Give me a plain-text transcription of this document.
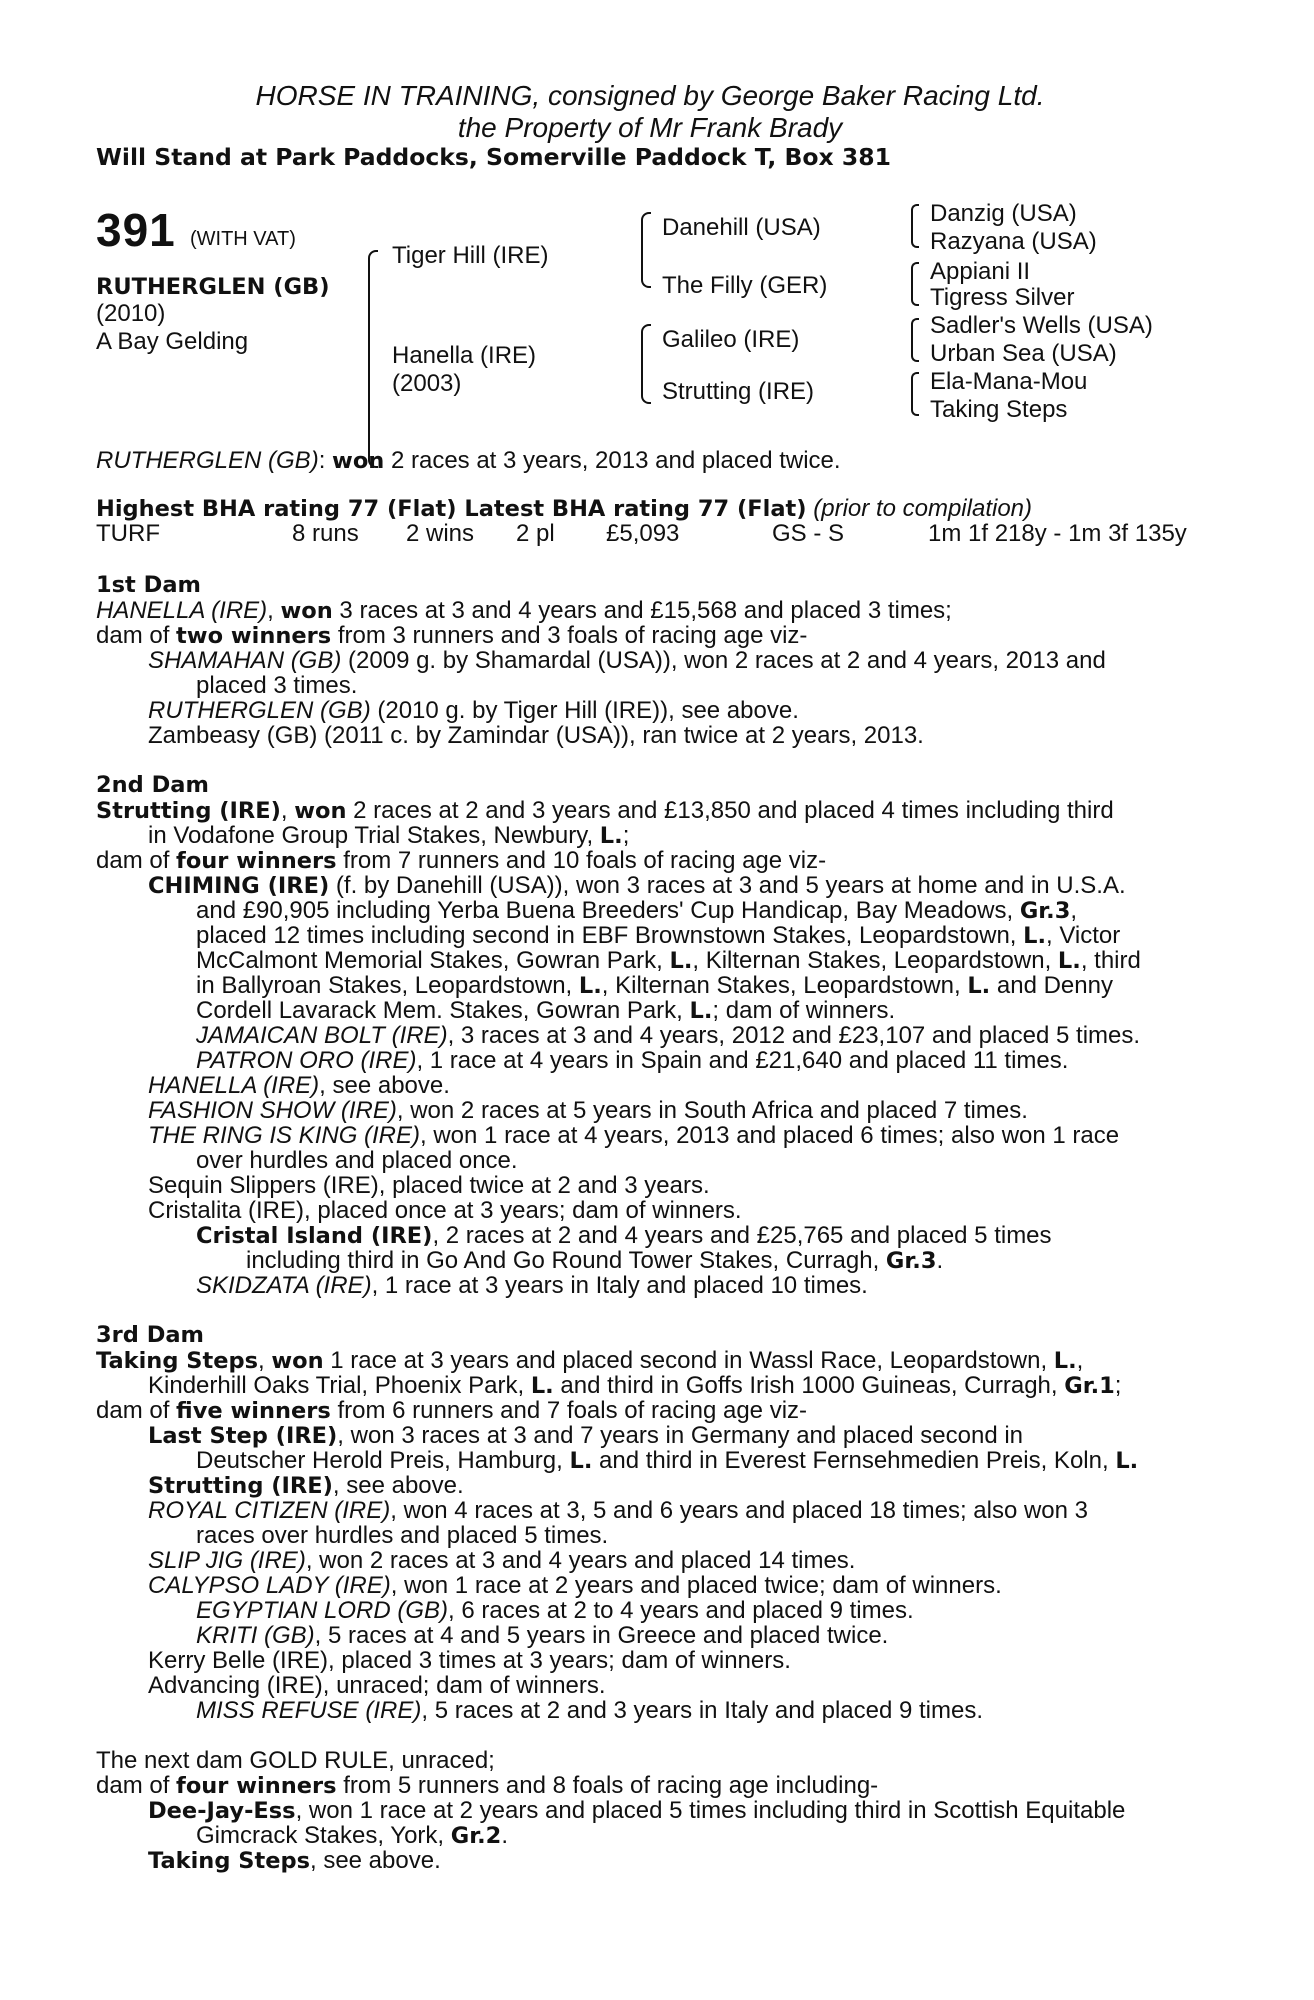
HORSE IN TRAINING, consigned by George Baker Racing Ltd.
the Property of Mr Frank Brady
Will Stand at Park Paddocks, Somerville Paddock T, Box 381
391 (WITH VAT)
RUTHERGLEN (GB)
(2010)
A Bay Gelding
Tiger Hill (IRE)
Hanella (IRE)
(2003)
Danehill (USA)
The Filly (GER)
Galileo (IRE)
Strutting (IRE)
Danzig (USA)
Razyana (USA)
Appiani II
Tigress Silver
Sadler's Wells (USA)
Urban Sea (USA)
Ela-Mana-Mou
Taking Steps
RUTHERGLEN (GB): won 2 races at 3 years, 2013 and placed twice.
Highest BHA rating 77 (Flat) Latest BHA rating 77 (Flat) (prior to compilation)
TURF	8 runs 2 wins 2 pl £5,093	GS - S	1m 1f 218y - 1m 3f 135y
1st Dam
HANELLA (IRE), won 3 races at 3 and 4 years and £15,568 and placed 3 times;
dam of two winners from 3 runners and 3 foals of racing age viz-
SHAMAHAN (GB) (2009 g. by Shamardal (USA)), won 2 races at 2 and 4 years, 2013 and
placed 3 times.
RUTHERGLEN (GB) (2010 g. by Tiger Hill (IRE)), see above.
Zambeasy (GB) (2011 c. by Zamindar (USA)), ran twice at 2 years, 2013.
2nd Dam
Strutting (IRE), won 2 races at 2 and 3 years and £13,850 and placed 4 times including third
in Vodafone Group Trial Stakes, Newbury, L.;
dam of four winners from 7 runners and 10 foals of racing age viz-
CHIMING (IRE) (f. by Danehill (USA)), won 3 races at 3 and 5 years at home and in U.S.A.
and £90,905 including Yerba Buena Breeders' Cup Handicap, Bay Meadows, Gr.3,
placed 12 times including second in EBF Brownstown Stakes, Leopardstown, L., Victor
McCalmont Memorial Stakes, Gowran Park, L., Kilternan Stakes, Leopardstown, L., third
in Ballyroan Stakes, Leopardstown, L., Kilternan Stakes, Leopardstown, L. and Denny
Cordell Lavarack Mem. Stakes, Gowran Park, L.; dam of winners.
JAMAICAN BOLT (IRE), 3 races at 3 and 4 years, 2012 and £23,107 and placed 5 times.
PATRON ORO (IRE), 1 race at 4 years in Spain and £21,640 and placed 11 times.
HANELLA (IRE), see above.
FASHION SHOW (IRE), won 2 races at 5 years in South Africa and placed 7 times.
THE RING IS KING (IRE), won 1 race at 4 years, 2013 and placed 6 times; also won 1 race
over hurdles and placed once.
Sequin Slippers (IRE), placed twice at 2 and 3 years.
Cristalita (IRE), placed once at 3 years; dam of winners.
Cristal Island (IRE), 2 races at 2 and 4 years and £25,765 and placed 5 times
including third in Go And Go Round Tower Stakes, Curragh, Gr.3.
SKIDZATA (IRE), 1 race at 3 years in Italy and placed 10 times.
3rd Dam
Taking Steps, won 1 race at 3 years and placed second in Wassl Race, Leopardstown, L.,
Kinderhill Oaks Trial, Phoenix Park, L. and third in Goffs Irish 1000 Guineas, Curragh, Gr.1;
dam of five winners from 6 runners and 7 foals of racing age viz-
Last Step (IRE), won 3 races at 3 and 7 years in Germany and placed second in
Deutscher Herold Preis, Hamburg, L. and third in Everest Fernsehmedien Preis, Koln, L.
Strutting (IRE), see above.
ROYAL CITIZEN (IRE), won 4 races at 3, 5 and 6 years and placed 18 times; also won 3
races over hurdles and placed 5 times.
SLIP JIG (IRE), won 2 races at 3 and 4 years and placed 14 times.
CALYPSO LADY (IRE), won 1 race at 2 years and placed twice; dam of winners.
EGYPTIAN LORD (GB), 6 races at 2 to 4 years and placed 9 times.
KRITI (GB), 5 races at 4 and 5 years in Greece and placed twice.
Kerry Belle (IRE), placed 3 times at 3 years; dam of winners.
Advancing (IRE), unraced; dam of winners.
MISS REFUSE (IRE), 5 races at 2 and 3 years in Italy and placed 9 times.
The next dam GOLD RULE, unraced;
dam of four winners from 5 runners and 8 foals of racing age including-
Dee-Jay-Ess, won 1 race at 2 years and placed 5 times including third in Scottish Equitable
Gimcrack Stakes, York, Gr.2.
Taking Steps, see above.
